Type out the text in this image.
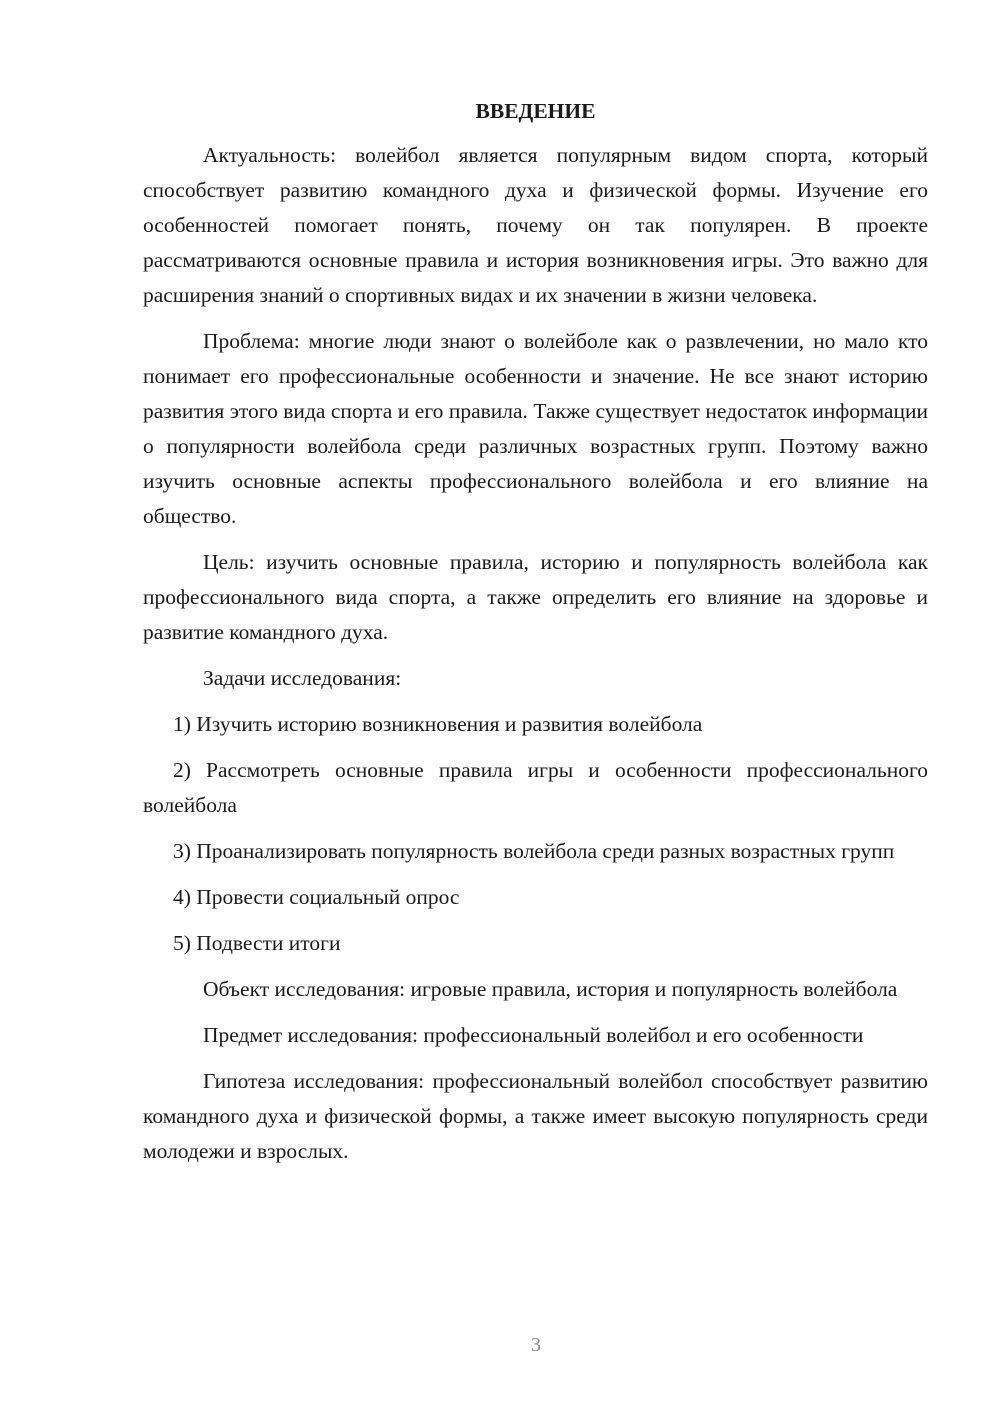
ВВЕДЕНИЕ

Актуальность: волейбол является популярным видом спорта, который способствует развитию командного духа и физической формы. Изучение его особенностей помогает понять, почему он так популярен. В проекте рассматриваются основные правила и история возникновения игры. Это важно для расширения знаний о спортивных видах и их значении в жизни человека.

Проблема: многие люди знают о волейболе как о развлечении, но мало кто понимает его профессиональные особенности и значение. Не все знают историю развития этого вида спорта и его правила. Также существует недостаток информации о популярности волейбола среди различных возрастных групп. Поэтому важно изучить основные аспекты профессионального волейбола и его влияние на общество.

Цель: изучить основные правила, историю и популярность волейбола как профессионального вида спорта, а также определить его влияние на здоровье и развитие командного духа.

Задачи исследования:

1) Изучить историю возникновения и развития волейбола

2) Рассмотреть основные правила игры и особенности профессионального волейбола

3) Проанализировать популярность волейбола среди разных возрастных групп

4) Провести социальный опрос

5) Подвести итоги

Объект исследования: игровые правила, история и популярность волейбола

Предмет исследования: профессиональный волейбол и его особенности

Гипотеза исследования: профессиональный волейбол способствует развитию командного духа и физической формы, а также имеет высокую популярность среди молодежи и взрослых.

3
